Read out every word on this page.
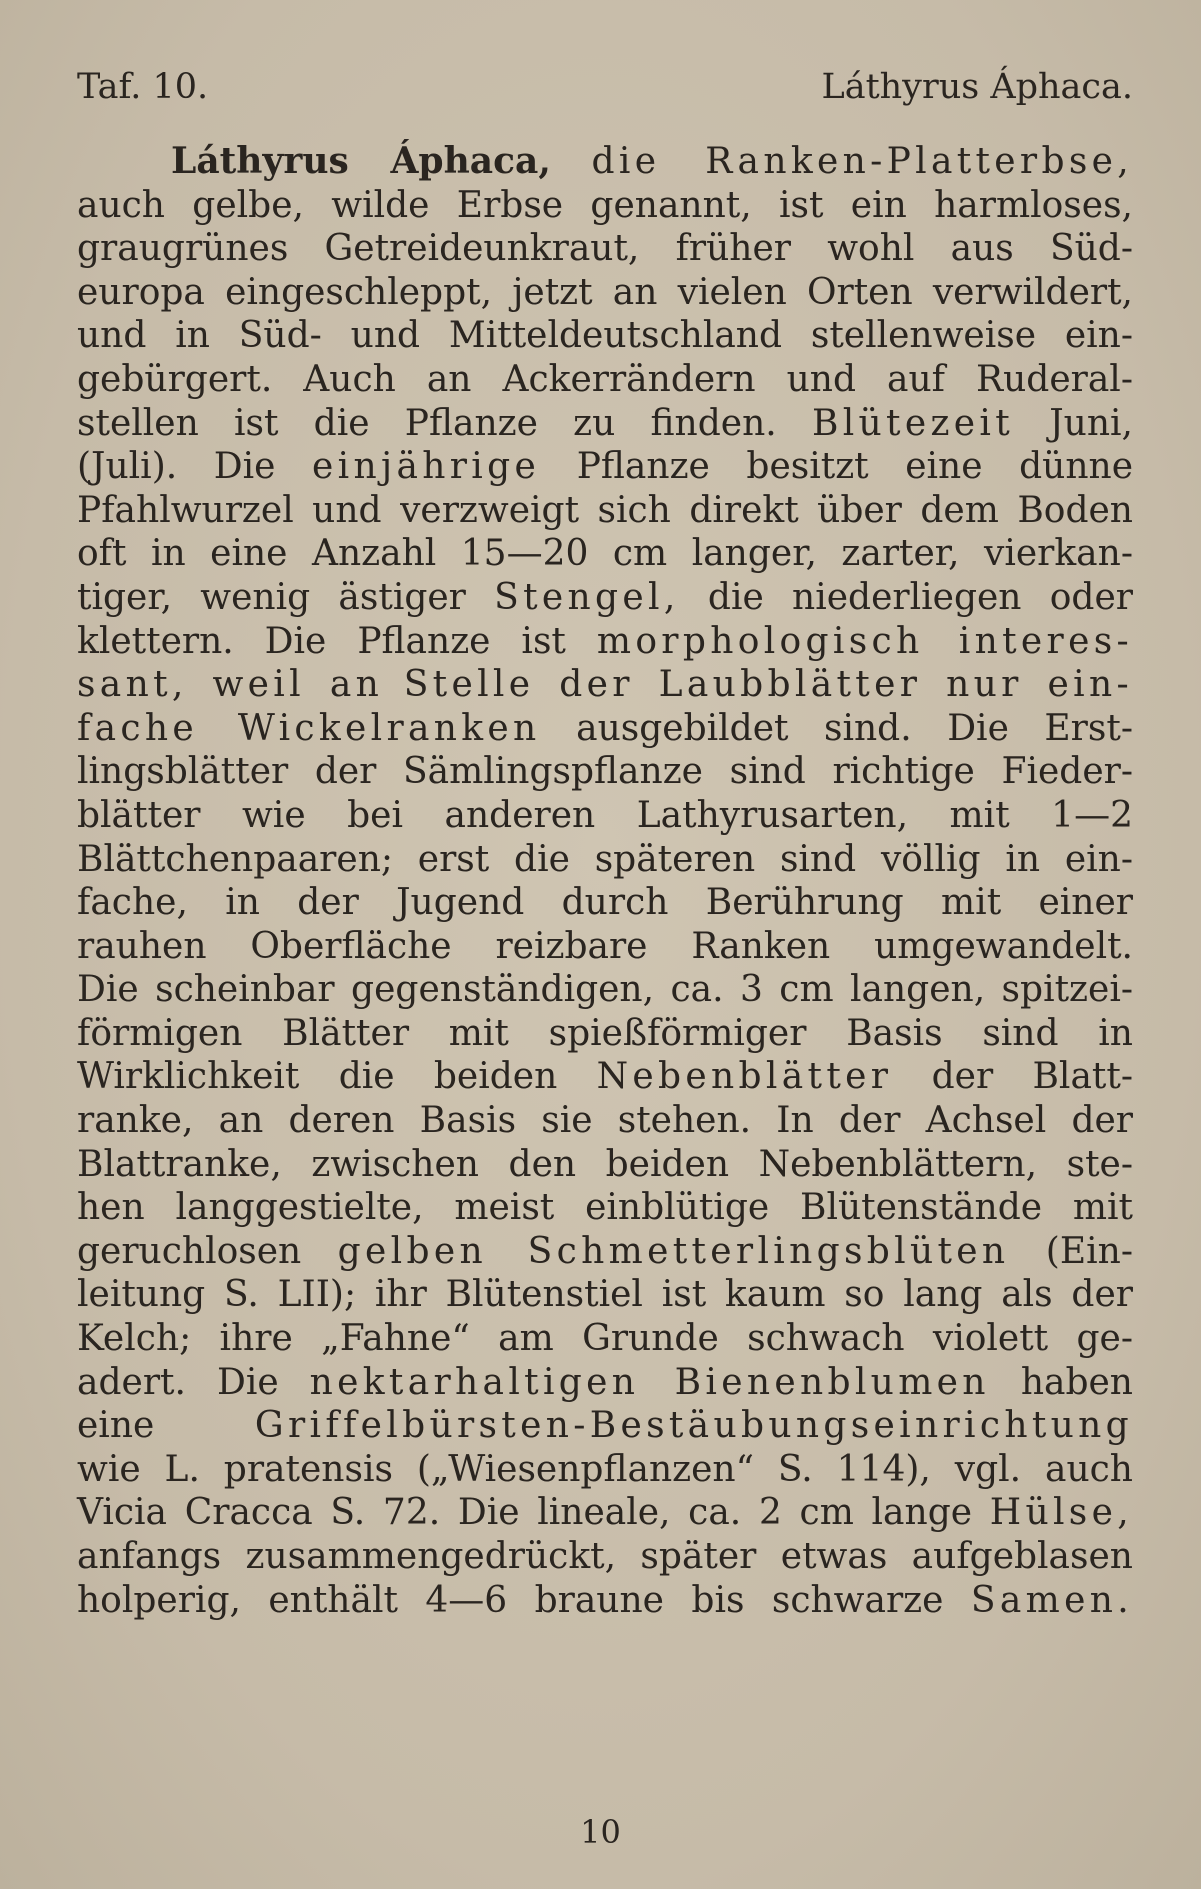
Taf. 10.	Láthyrus Áphaca.
Láthyrus Áphaca, die Ranken-Platterbse,
auch gelbe, wilde Erbse genannt, ist ein harmloses,
graugrünes Getreideunkraut, früher wohl aus Süd-
europa eingeschleppt, jetzt an vielen Orten verwildert,
und in Süd- und Mitteldeutschland stellenweise ein-
gebürgert. Auch an Ackerrändern und auf Ruderal-
stellen ist die Pflanze zu finden. Blütezeit Juni,
(Juli). Die einjährige Pflanze besitzt eine dünne
Pfahlwurzel und verzweigt sich direkt über dem Boden
oft in eine Anzahl 15—20 cm langer, zarter, vierkan-
tiger, wenig ästiger Stengel, die niederliegen oder
klettern. Die Pflanze ist morphologisch interes-
sant, weil an Stelle der Laubblätter nur ein-
fache Wickelranken ausgebildet sind. Die Erst-
lingsblätter der Sämlingspflanze sind richtige Fieder-
blätter wie bei anderen Lathyrusarten, mit 1—2
Blättchenpaaren; erst die späteren sind völlig in ein-
fache, in der Jugend durch Berührung mit einer
rauhen Oberfläche reizbare Ranken umgewandelt.
Die scheinbar gegenständigen, ca. 3 cm langen, spitzei-
förmigen Blätter mit spießförmiger Basis sind in
Wirklichkeit die beiden Nebenblätter der Blatt-
ranke, an deren Basis sie stehen. In der Achsel der
Blattranke, zwischen den beiden Nebenblättern, ste-
hen langgestielte, meist einblütige Blütenstände mit
geruchlosen gelben Schmetterlingsblüten (Ein-
leitung S. LII); ihr Blütenstiel ist kaum so lang als der
Kelch; ihre „Fahne“ am Grunde schwach violett ge-
adert. Die nektarhaltigen Bienenblumen haben
eine	Griffelbürsten-Bestäubungseinrichtung
wie L. pratensis („Wiesenpflanzen“ S. 114), vgl. auch
Vicia Cracca S. 72. Die lineale, ca. 2 cm lange Hülse,
anfangs zusammengedrückt, später etwas aufgeblasen
holperig, enthält 4—6 braune bis schwarze Samen.
10
